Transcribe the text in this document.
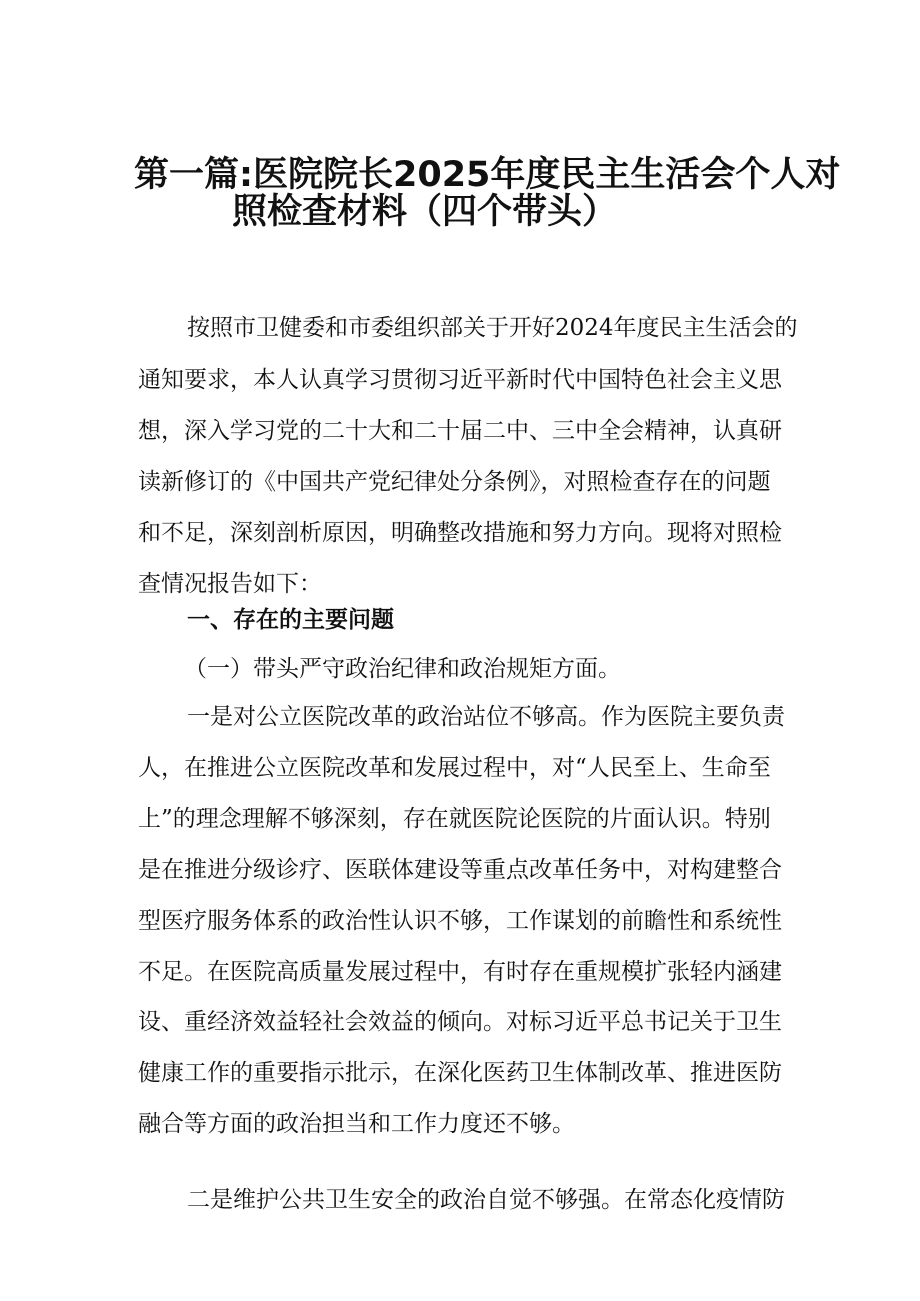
第一篇:医院院长2025年度民主生活会个人对
照检查材料（四个带头）
按照市卫健委和市委组织部关于开好2024年度民主生活会的
通知要求，本人认真学习贯彻习近平新时代中国特色社会主义思
想，深入学习党的二十大和二十届二中、三中全会精神，认真研
读新修订的《中国共产党纪律处分条例》，对照检查存在的问题
和不足，深刻剖析原因，明确整改措施和努力方向。现将对照检
查情况报告如下：
一、存在的主要问题
（一）带头严守政治纪律和政治规矩方面。
一是对公立医院改革的政治站位不够高。作为医院主要负责
人，在推进公立医院改革和发展过程中，对“人民至上、生命至
上”的理念理解不够深刻，存在就医院论医院的片面认识。特别
是在推进分级诊疗、医联体建设等重点改革任务中，对构建整合
型医疗服务体系的政治性认识不够，工作谋划的前瞻性和系统性
不足。在医院高质量发展过程中，有时存在重规模扩张轻内涵建
设、重经济效益轻社会效益的倾向。对标习近平总书记关于卫生
健康工作的重要指示批示，在深化医药卫生体制改革、推进医防
融合等方面的政治担当和工作力度还不够。
二是维护公共卫生安全的政治自觉不够强。在常态化疫情防
